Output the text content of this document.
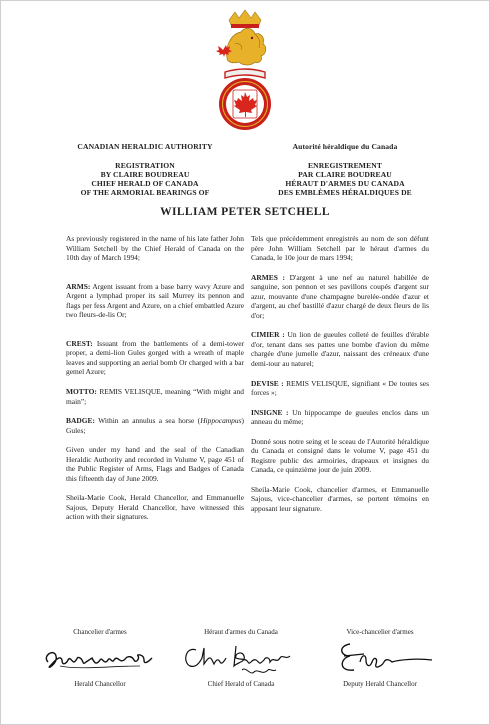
CANADIAN HERALDIC AUTHORITY
REGISTRATION
BY CLAIRE BOUDREAU
CHIEF HERALD OF CANADA
OF THE ARMORIAL BEARINGS OF
Autorité héraldique du Canada
ENREGISTREMENT
PAR CLAIRE BOUDREAU
HÉRAUT D'ARMES DU CANADA
DES EMBLÈMES HÉRALDIQUES DE
WILLIAM PETER SETCHELL

As previously registered in the name of his late father John William Setchell by the Chief Herald of Canada on the 10th day of March 1994;

ARMS: Argent issuant from a base barry wavy Azure and Argent a lymphad proper its sail Murrey its pennon and flags per fess Argent and Azure, on a chief embattled Azure two fleurs-de-lis Or;

CREST: Issuant from the battlements of a demi-tower proper, a demi-lion Gules gorged with a wreath of maple leaves and supporting an aerial bomb Or charged with a bar gemel Azure;

MOTTO: REMIS VELISQUE, meaning “With might and main”;

BADGE: Within an annulus a sea horse (Hippocampus) Gules;

Given under my hand and the seal of the Canadian Heraldic Authority and recorded in Volume V, page 451 of the Public Register of Arms, Flags and Badges of Canada this fifteenth day of June 2009.

Sheila-Marie Cook, Herald Chancellor, and Emmanuelle Sajous, Deputy Herald Chancellor, have witnessed this action with their signatures.

Tels que précédemment enregistrés au nom de son défunt père John William Setchell par le héraut d'armes du Canada, le 10e jour de mars 1994;

ARMES : D'argent à une nef au naturel habillée de sanguine, son pennon et ses pavillons coupés d'argent sur azur, mouvante d'une champagne burelée-ondée d'azur et d'argent, au chef bastillé d'azur chargé de deux fleurs de lis d'or;

CIMIER : Un lion de gueules colleté de feuilles d'érable d'or, tenant dans ses pattes une bombe d'avion du même chargée d'une jumelle d'azur, naissant des créneaux d'une demi-tour au naturel;

DEVISE : REMIS VELISQUE, signifiant « De toutes ses forces »;

INSIGNE : Un hippocampe de gueules enclos dans un anneau du même;

Donné sous notre seing et le sceau de l'Autorité héraldique du Canada et consigné dans le volume V, page 451 du Registre public des armoiries, drapeaux et insignes du Canada, ce quinzième jour de juin 2009.

Sheila-Marie Cook, chancelier d'armes, et Emmanuelle Sajous, vice-chancelier d'armes, se portent témoins en apposant leur signature.

Chancelier d'armes
Herald Chancellor
Héraut d'armes du Canada
Chief Herald of Canada
Vice-chancelier d'armes
Deputy Herald Chancellor
